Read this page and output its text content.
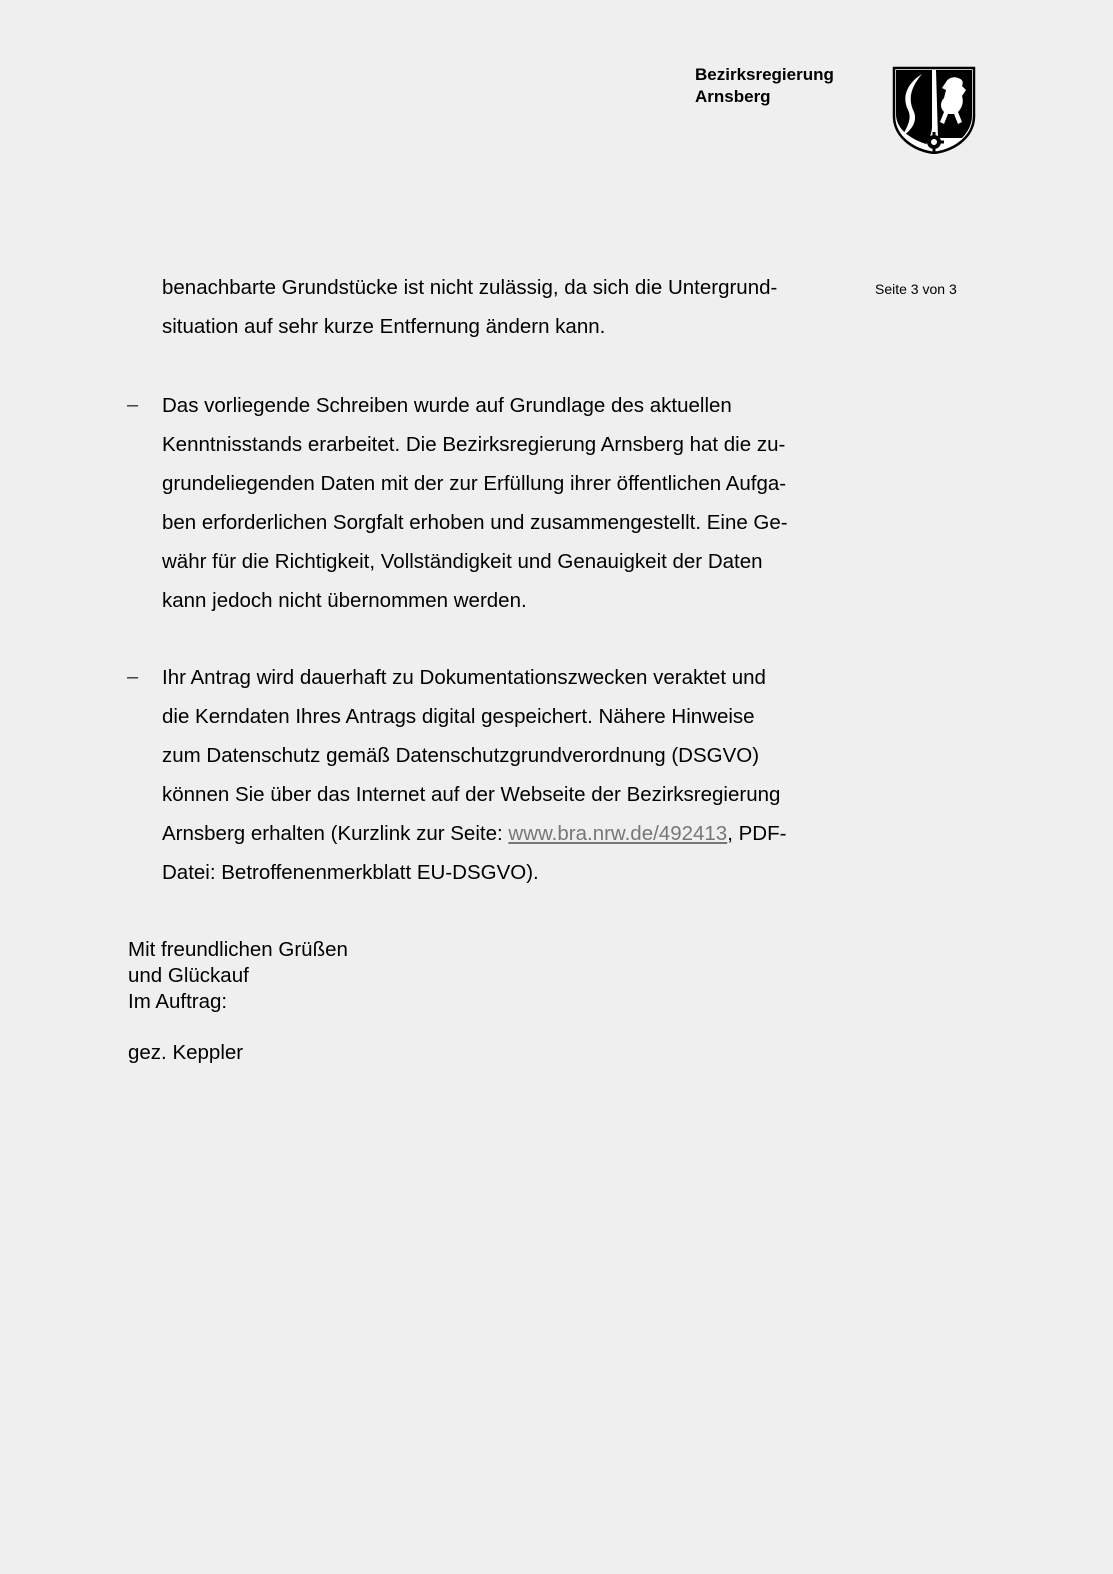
Bezirksregierung
Arnsberg
Seite 3 von 3
benachbarte Grundstücke ist nicht zulässig, da sich die Untergrund-
situation auf sehr kurze Entfernung ändern kann.
– Das vorliegende Schreiben wurde auf Grundlage des aktuellen
Kenntnisstands erarbeitet. Die Bezirksregierung Arnsberg hat die zu-
grundeliegenden Daten mit der zur Erfüllung ihrer öffentlichen Aufga-
ben erforderlichen Sorgfalt erhoben und zusammengestellt. Eine Ge-
währ für die Richtigkeit, Vollständigkeit und Genauigkeit der Daten
kann jedoch nicht übernommen werden.
– Ihr Antrag wird dauerhaft zu Dokumentationszwecken veraktet und
die Kerndaten Ihres Antrags digital gespeichert. Nähere Hinweise
zum Datenschutz gemäß Datenschutzgrundverordnung (DSGVO)
können Sie über das Internet auf der Webseite der Bezirksregierung
Arnsberg erhalten (Kurzlink zur Seite: www.bra.nrw.de/492413, PDF-
Datei: Betroffenenmerkblatt EU-DSGVO).
Mit freundlichen Grüßen
und Glückauf
Im Auftrag:
gez. Keppler
